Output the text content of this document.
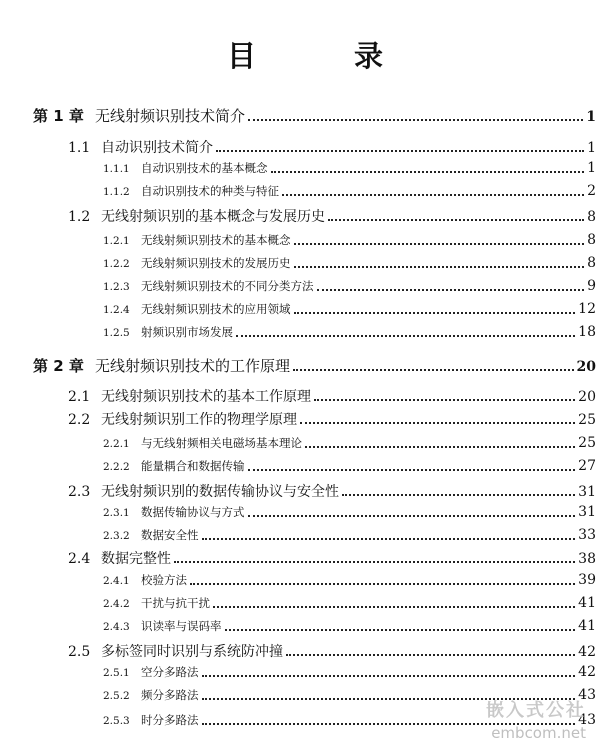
目 录
第 1 章 无线射频识别技术简介	1
1.1 自动识别技术简介	1
1.1.1 自动识别技术的基本概念	1
1.1.2 自动识别技术的种类与特征	2
1.2 无线射频识别的基本概念与发展历史	8
1.2.1 无线射频识别技术的基本概念	8
1.2.2 无线射频识别技术的发展历史	8
1.2.3 无线射频识别技术的不同分类方法	9
1.2.4 无线射频识别技术的应用领域	12
1.2.5 射频识别市场发展	18
第 2 章 无线射频识别技术的工作原理	20
2.1 无线射频识别技术的基本工作原理	20
2.2 无线射频识别工作的物理学原理	25
2.2.1 与无线射频相关电磁场基本理论	25
2.2.2 能量耦合和数据传输	27
2.3 无线射频识别的数据传输协议与安全性	31
2.3.1 数据传输协议与方式	31
2.3.2 数据安全性	33
2.4 数据完整性	38
2.4.1 校验方法	39
2.4.2 干扰与抗干扰	41
2.4.3 识读率与误码率	41
2.5 多标签同时识别与系统防冲撞	42
2.5.1 空分多路法	42
2.5.2 频分多路法	43
2.5.3 时分多路法	43
嵌入式公社
embcom.net
